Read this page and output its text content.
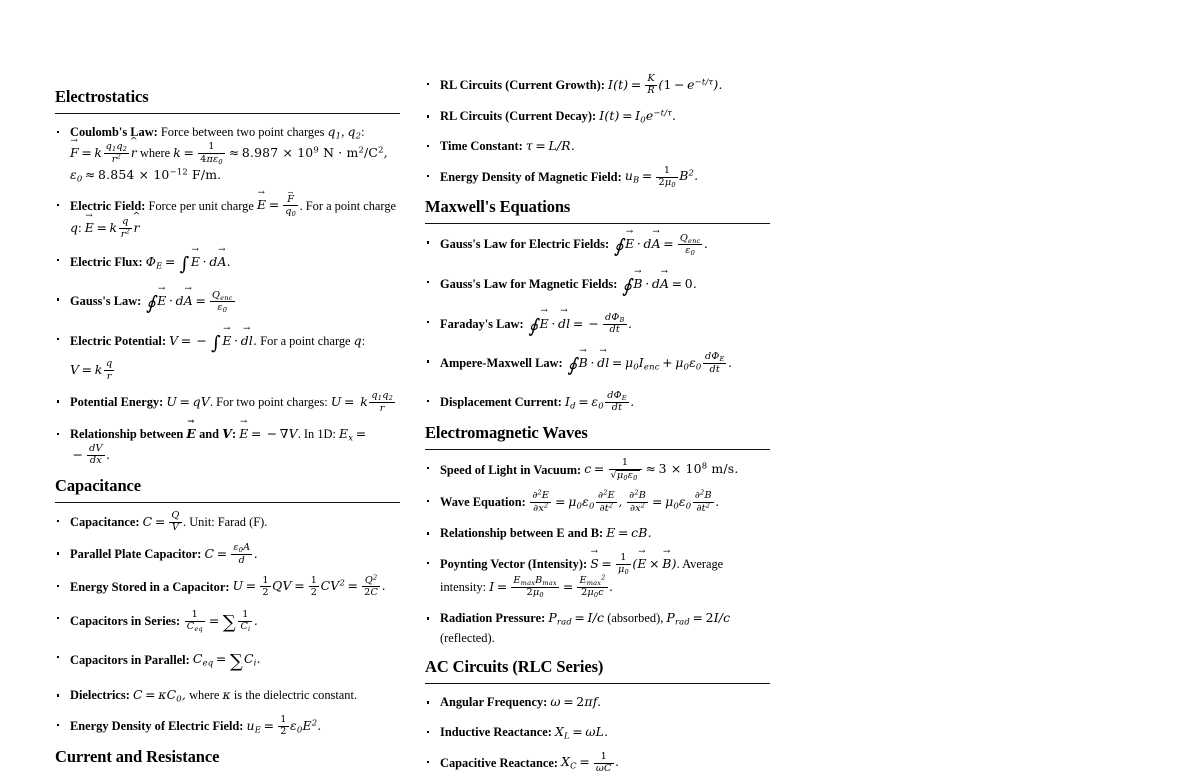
Electrostatics
Coulomb's Law: Force between two point charges $q_1$, $q_2$: F → = k $\frac{q_1q_2}{r^2}$ r ^ where $k = \frac{1}{4\pi\varepsilon_0} \approx 8.987 \times 10^9$ $N \cdot m^2/C^2$, $\varepsilon_0 \approx 8.854 \times 10^{-12}$ F/m.
Electric Field: Force per unit charge E → = $\frac{F \to}{q_0}$ . For a point charge q: E → = k $\frac{q}{r^2}$ r ^
Electric Flux: $\Phi_E$ = ∫ E → · dA →.
Gauss's Law: ∮ E → · dA → = $Q_{enc}$
$\varepsilon_0$
Electric Potential: V = − ∫ E → · dl →. For a point charge q: V = k $\frac{q}{r}$
Potential Energy: U = qV. For two point charges: U = k $\frac{q_1q_2}{r}$
Relationship between E → and V: E → = − ∇V. In 1D: $E_x$ = − $\frac{dV}{dx}$ .
Capacitance
Capacitance: $C = \frac{Q}{V}$ . Unit: Farad (F).
Parallel Plate Capacitor: $C = \frac{\varepsilon_0A}{d}$ .
Energy Stored in a Capacitor: $U = \frac{1}{2}$ QV = $\frac{1}{2} CV^2 = \frac{Q^2}{2C}$ .
Capacitors in Series:	1
$C_{eq}$
= ∑ $\frac{1}{C_i}$ .
Capacitors in Parallel: $C_{eq} = \sum C_i$.
Dielectrics: $C = \kappa C_0$, where κ is the dielectric constant.
Energy Density of Electric Field: $u_E = \frac{1}{2} \varepsilon_0E^2$.
Current and Resistance
RL Circuits (Current Growth): $I(t) = \frac{\text{K}}{R} (1 - e^{-t/\tau})$.
RL Circuits (Current Decay): $I(t) = I_0e^{-t/\tau}$.
Time Constant: τ = L/R.
Energy Density of Magnetic Field: $u_B = \frac{1}{2\mu_0} B^2$.
Maxwell's Equations
Gauss's Law for Electric Fields: ∮ E → · dA → = $Q_{enc}$
$\varepsilon_0$
.
Gauss's Law for Magnetic Fields: ∮ B → · dA → = 0.
Faraday's Law: ∮ E → · dl → = − $d\Phi_B$
dt .
Ampere-Maxwell Law: ∮ B → · dl → = $\mu_0I_{enc} + \mu_0\varepsilon_0$
$d\Phi_E$
dt .
Displacement Current: $I_d = \varepsilon_0$
$d\Phi_E$
dt .
Electromagnetic Waves
Speed of Light in Vacuum: $c = \frac{1}{√\mu_0\varepsilon_0} \approx 3 \times 10^8$ m/s.
Wave Equation: $\frac{\partial^2E}{\partial x^2} = \mu_0\varepsilon_0 \frac{\partial^2E}{\partial t^2}$ , $\frac{\partial^2B}{\partial x^2} = \mu_0\varepsilon_0 \frac{\partial^2B}{\partial t^2}$ .
Relationship between E and B: E = cB.
Poynting Vector (Intensity): S → = $\frac{1}{\mu_0} (E$ → × B →). Average intensity: $I = E_{max}B_{max}$
$2\mu_0$
= $E_{max}^2$
$2\mu_0c$ .
Radiation Pressure: $P_{rad} = I/c$ (absorbed), $P_{rad} = 2I/c$ (reflected).
AC Circuits (RLC Series)
Angular Frequency: ω = 2πf.
Inductive Reactance: $X_L = \omega L$.
Capacitive Reactance: $X_C = \frac{1}{\omega C}$ .
